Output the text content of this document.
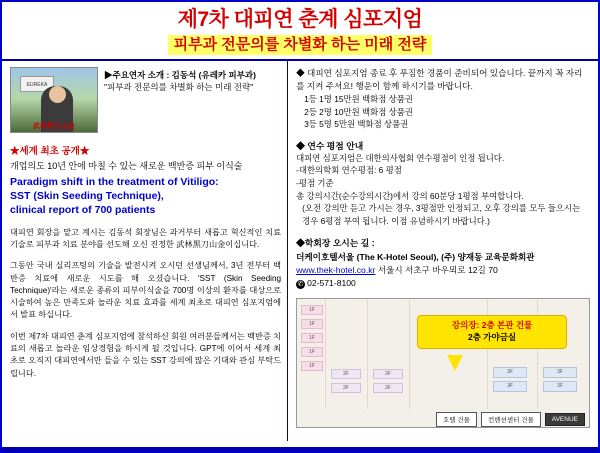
제7차 대피연 춘계 심포지엄
피부과 전문의를 차별화 하는 미래 전략
EUREKA
武林黑刀山金
▶주요연자 소개 : 김동석 (유레카 피부과)
"피부과 전문의를 차별화 하는 미래 전략"
★세계 최초 공개★
개업의도 10년 안에 마칠 수 있는 새로운 백반증 피부 이식술
Paradigm shift in the treatment of Vitiligo:
SST (Skin Seeding Technique),
clinical report of 700 patients
대피연 회장을 맡고 계시는 김동석 회장님은 과거부터 새롭고 혁신적인 치료 기술로 피부과 치료 분야를 선도해 오신 진정한 武林黑刀山金이십니다.
그동안 국내 실리프팅의 기술을 발전시켜 오시던 선생님께서, 3년 전부터 백반증 치료에 새로운 시도를 해 오셨습니다. 'SST (Skin Seeding Technique)'라는 새로운 종류의 피부이식술을 700명 이상의 환자를 대상으로 시술하여 높은 만족도와 놀라운 치료 효과를 세계 최초로 대피연 심포지엄에서 발표 하십니다.
이번 제7차 대피연 춘계 심포지엄에 참석하신 회원 여러분들께서는 백반증 치료의 새롭고 놀라운 임상경험을 하시게 될 것입니다. GPT에 이어서 세계 최초로 오직지 대피연에서만 들을 수 있는 SST 강의에 많은 기대와 관심 부탁드립니다.
◆ 대피연 심포지엄 종료 후 푸짐한 경품이 준비되어 있습니다. 끝까지 꼭 자리를 지켜 주셔요! 행운이 함께 하시기를 바랍니다.
1등 1명 15만원 백화점 상품권
2등 2명 10만원 백화점 상품권
3등 5명 5만원 백화점 상품권
◆ 연수 평점 안내
대피연 심포지엄은 대한의사협회 연수평점이 인정 됩니다.
-대한의학회 연수평점: 6 평점
-평점 기준
총 강의시간(순수강의시간)에서 강의 60분당 1평점 부여합니다.
(오전 강의만 듣고 가시는 경우, 3평점만 인정되고, 오후 강의를 모두 들으시는 경우 6평점 부여 됩니다. 이점 유념하시기 바랍니다.)
◆학회장 오시는 길 :
더케이호텔서울 (The K-Hotel Seoul), (주) 양재동 교육문화회관
www.thek-hotel.co.kr 서울시 서초구 바우뫼로 12길 70
✆ 02-571-8100
1F
1F
1F
1F
1F
2F
2F
2F
2F
3F
3F
3F
3F
강의장: 2층 본관 건물
2층 가야금실
호텔 건물	컨벤션센터 건물	AVENUE
